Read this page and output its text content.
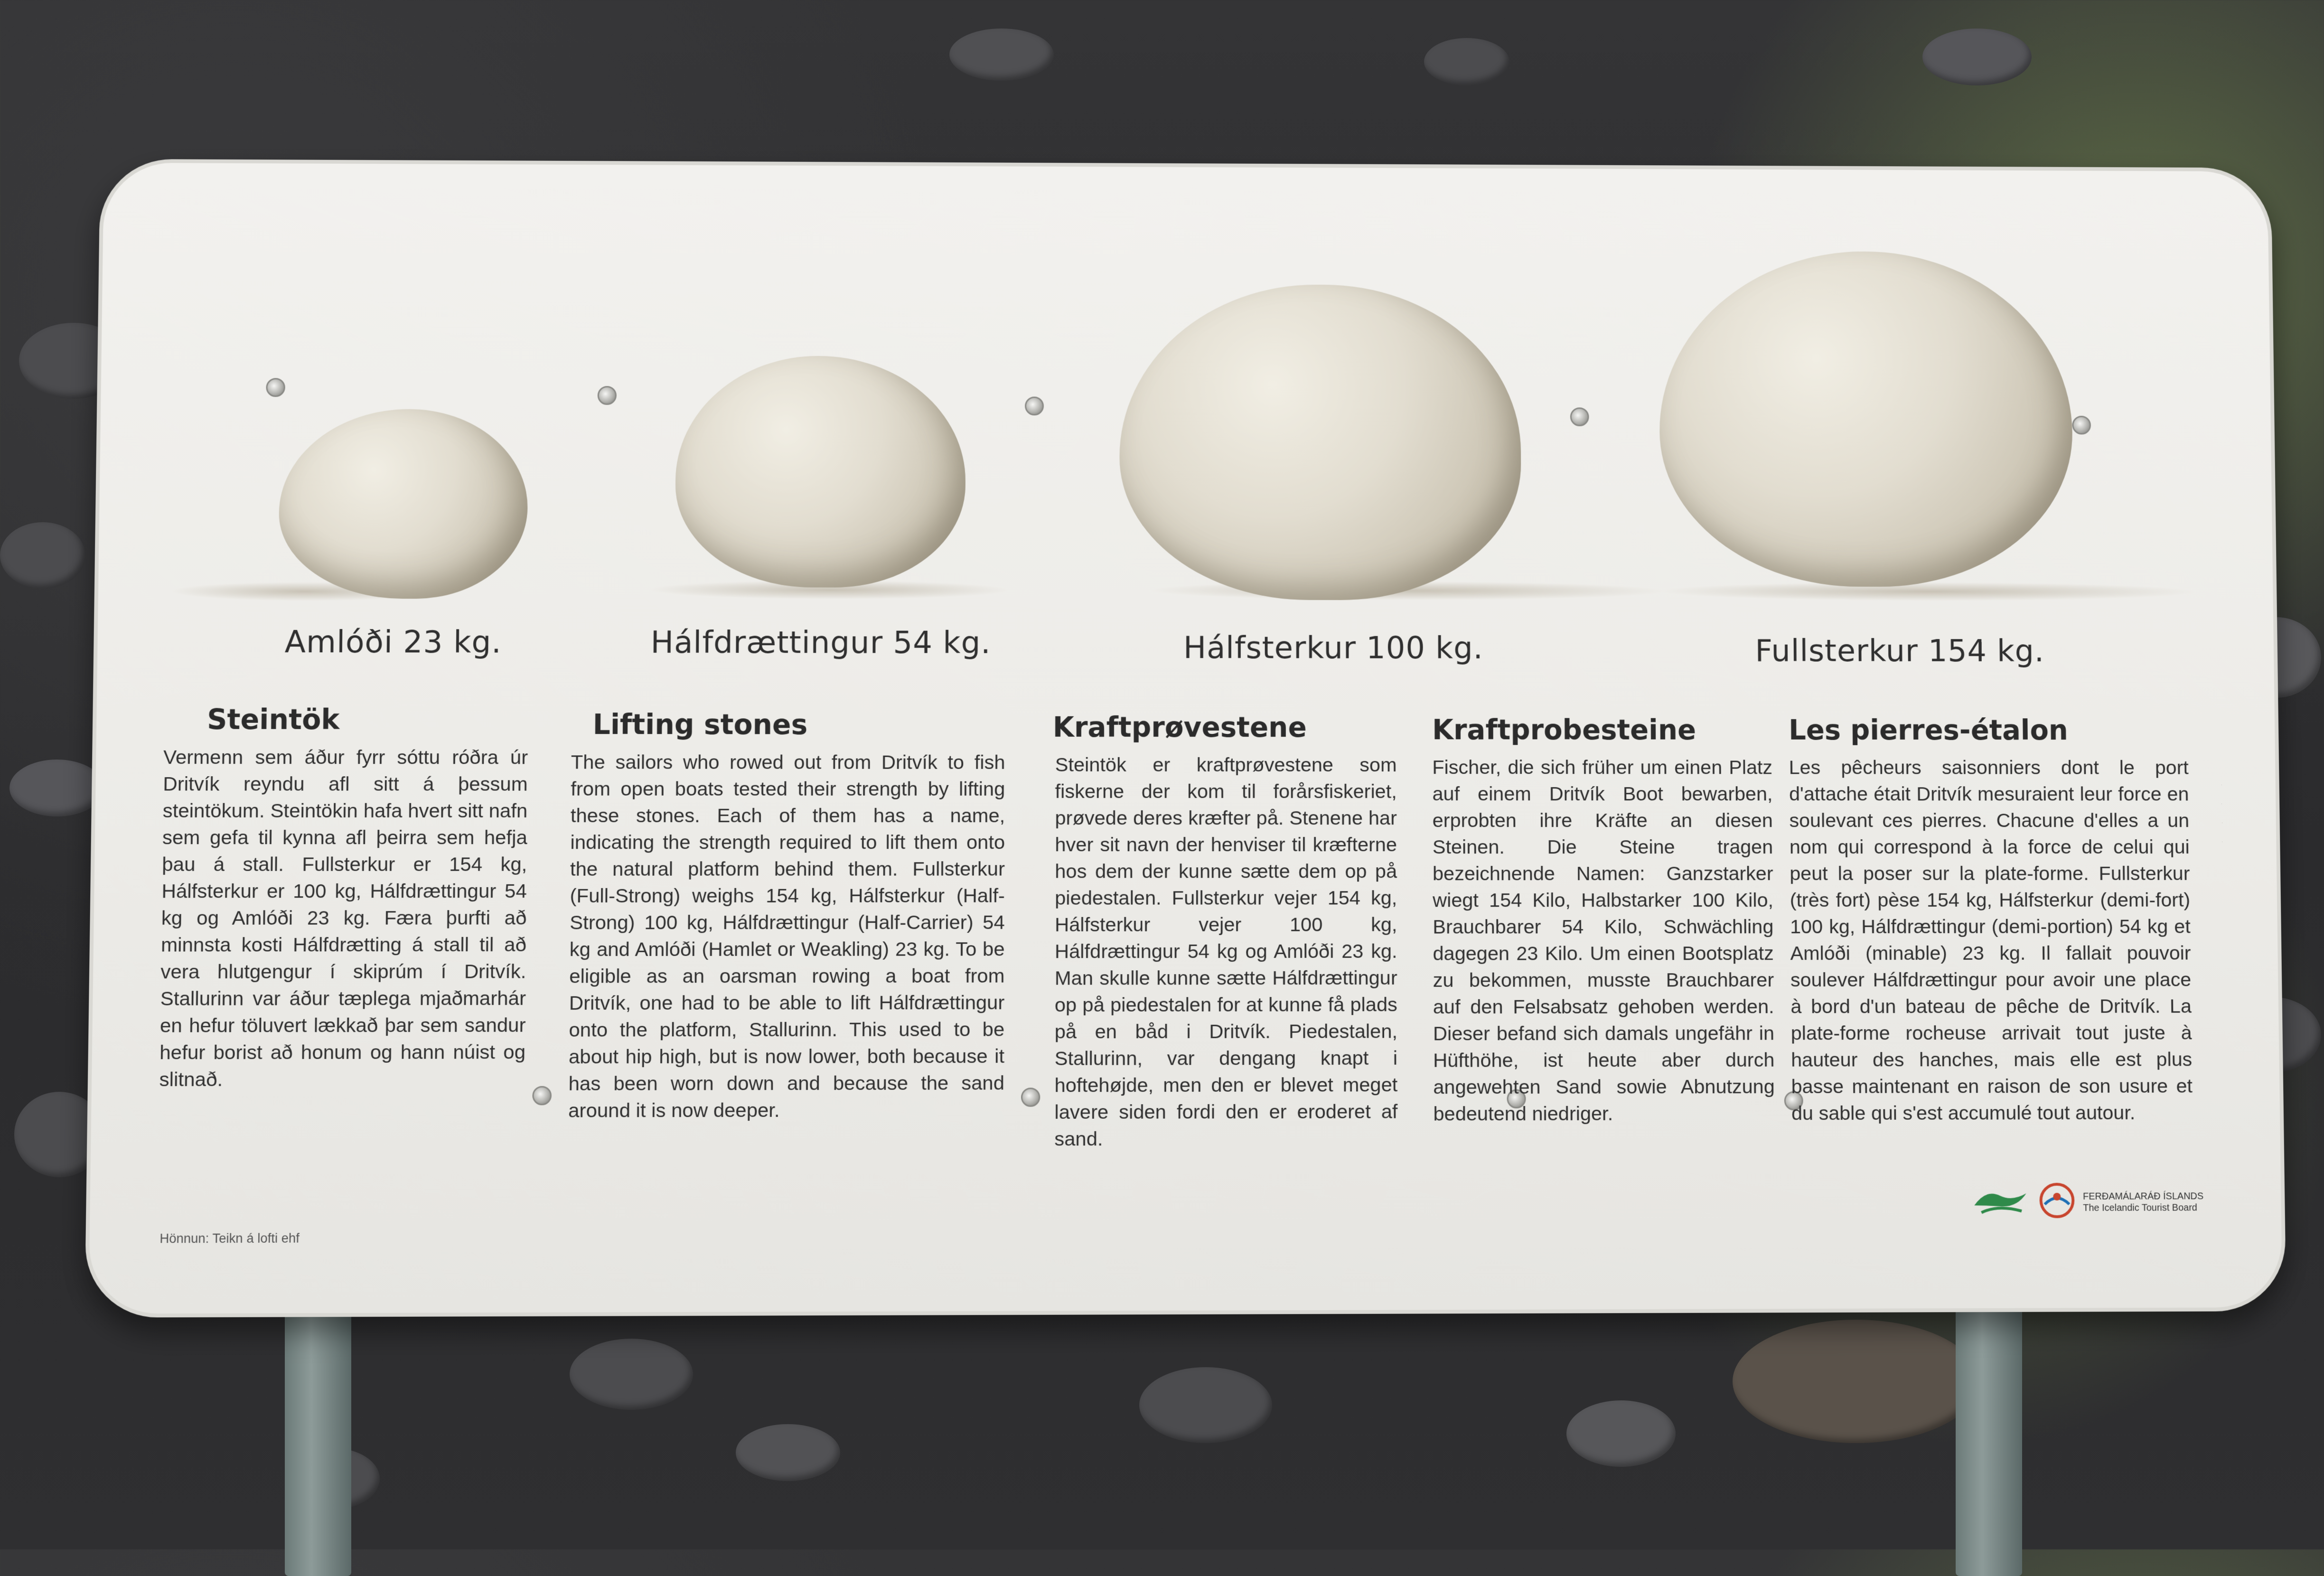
Amlóði 23 kg.	Hálfdrættingur 54 kg.	Hálfsterkur 100 kg.	Fullsterkur 154 kg.
Steintök
Vermenn sem áður fyrr sóttu róðra úr Dritvík reyndu afl sitt á þessum steintökum. Steintökin hafa hvert sitt nafn sem gefa til kynna afl þeirra sem hefja þau á stall. Fullsterkur er 154 kg, Hálfsterkur er 100 kg, Hálfdrættingur 54 kg og Amlóði 23 kg. Færa þurfti að minnsta kosti Hálfdrætting á stall til að vera hlutgengur í skiprúm í Dritvík. Stallurinn var áður tæplega mjaðmarhár en hefur töluvert lækkað þar sem sandur hefur borist að honum og hann núist og slitnað.
Lifting stones
The sailors who rowed out from Dritvík to fish from open boats tested their strength by lifting these stones. Each of them has a name, indicating the strength required to lift them onto the natural platform behind them. Fullsterkur (Full-Strong) weighs 154 kg, Hálfsterkur (Half-Strong) 100 kg, Hálfdrættingur (Half-Carrier) 54 kg and Amlóði (Hamlet or Weakling) 23 kg. To be eligible as an oarsman rowing a boat from Dritvík, one had to be able to lift Hálfdrættingur onto the platform, Stallurinn. This used to be about hip high, but is now lower, both because it has been worn down and because the sand around it is now deeper.
Kraftprøvestene
Steintök er kraftprøvestene som fiskerne der kom til forårsfiskeriet, prøvede deres kræfter på. Stenene har hver sit navn der henviser til kræfterne hos dem der kunne sætte dem op på piedestalen. Fullsterkur vejer 154 kg, Hálfsterkur vejer 100 kg, Hálfdrættingur 54 kg og Amlóði 23 kg. Man skulle kunne sætte Hálfdrættingur op på piedestalen for at kunne få plads på en båd i Dritvík. Piedestalen, Stallurinn, var dengang knapt i hoftehøjde, men den er blevet meget lavere siden fordi den er eroderet af sand.
Kraftprobesteine
Fischer, die sich früher um einen Platz auf einem Dritvík Boot bewarben, erprobten ihre Kräfte an diesen Steinen. Die Steine tragen bezeichnende Namen: Ganzstarker wiegt 154 Kilo, Halbstarker 100 Kilo, Brauchbarer 54 Kilo, Schwächling dagegen 23 Kilo. Um einen Bootsplatz zu bekommen, musste Brauchbarer auf den Felsabsatz gehoben werden. Dieser befand sich damals ungefähr in Hüfthöhe, ist heute aber durch angewehten Sand sowie Abnutzung bedeutend niedriger.
Les pierres-étalon
Les pêcheurs saisonniers dont le port d'attache était Dritvík mesuraient leur force en soulevant ces pierres. Chacune d'elles a un nom qui correspond à la force de celui qui peut la poser sur la plate-forme. Fullsterkur (très fort) pèse 154 kg, Hálfsterkur (demi-fort) 100 kg, Hálfdrættingur (demi-portion) 54 kg et Amlóði (minable) 23 kg. Il fallait pouvoir soulever Hálfdrættingur pour avoir une place à bord d'un bateau de pêche de Dritvík. La plate-forme rocheuse arrivait tout juste à hauteur des hanches, mais elle est plus basse maintenant en raison de son usure et du sable qui s'est accumulé tout autour.
Hönnun: Teikn á lofti ehf
FERÐAMÁLARÁÐ ÍSLANDS
The Icelandic Tourist Board
